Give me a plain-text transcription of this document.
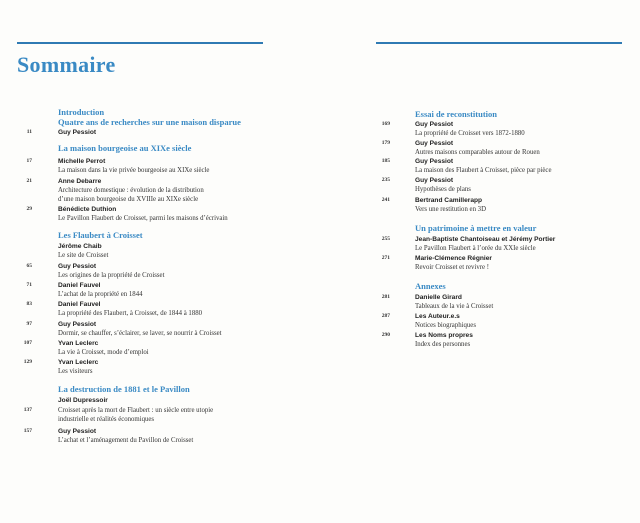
Sommaire
Introduction
Quatre ans de recherches sur une maison disparue
11	Guy Pessiot
La maison bourgeoise au XIXe siècle
17	Michelle Perrot
La maison dans la vie privée bourgeoise au XIXe siècle
21	Anne Debarre
Architecture domestique : évolution de la distribution
d’une maison bourgeoise du XVIIIe au XIXe siècle
29	Bénédicte Duthion
Le Pavillon Flaubert de Croisset, parmi les maisons d’écrivain
Les Flaubert à Croisset
Jérôme Chaib
Le site de Croisset
65	Guy Pessiot
Les origines de la propriété de Croisset
71	Daniel Fauvel
L’achat de la propriété en 1844
83	Daniel Fauvel
La propriété des Flaubert, à Croisset, de 1844 à 1880
97	Guy Pessiot
Dormir, se chauffer, s’éclairer, se laver, se nourrir à Croisset
107	Yvan Leclerc
La vie à Croisset, mode d’emploi
129	Yvan Leclerc
Les visiteurs
La destruction de 1881 et le Pavillon
Joël Dupressoir
137	Croisset après la mort de Flaubert : un siècle entre utopie
industrielle et réalités économiques
157	Guy Pessiot
L’achat et l’aménagement du Pavillon de Croisset
Essai de reconstitution
169	Guy Pessiot
La propriété de Croisset vers 1872-1880
179	Guy Pessiot
Autres maisons comparables autour de Rouen
185	Guy Pessiot
La maison des Flaubert à Croisset, pièce par pièce
235	Guy Pessiot
Hypothèses de plans
241	Bertrand Camillerapp
Vers une restitution en 3D
Un patrimoine à mettre en valeur
255	Jean-Baptiste Chantoiseau et Jérémy Portier
Le Pavillon Flaubert à l’orée du XXIe siècle
271	Marie-Clémence Régnier
Revoir Croisset et revivre !
Annexes
281	Danielle Girard
Tableaux de la vie à Croisset
287	Les Auteur.e.s
Notices biographiques
290	Les Noms propres
Index des personnes
